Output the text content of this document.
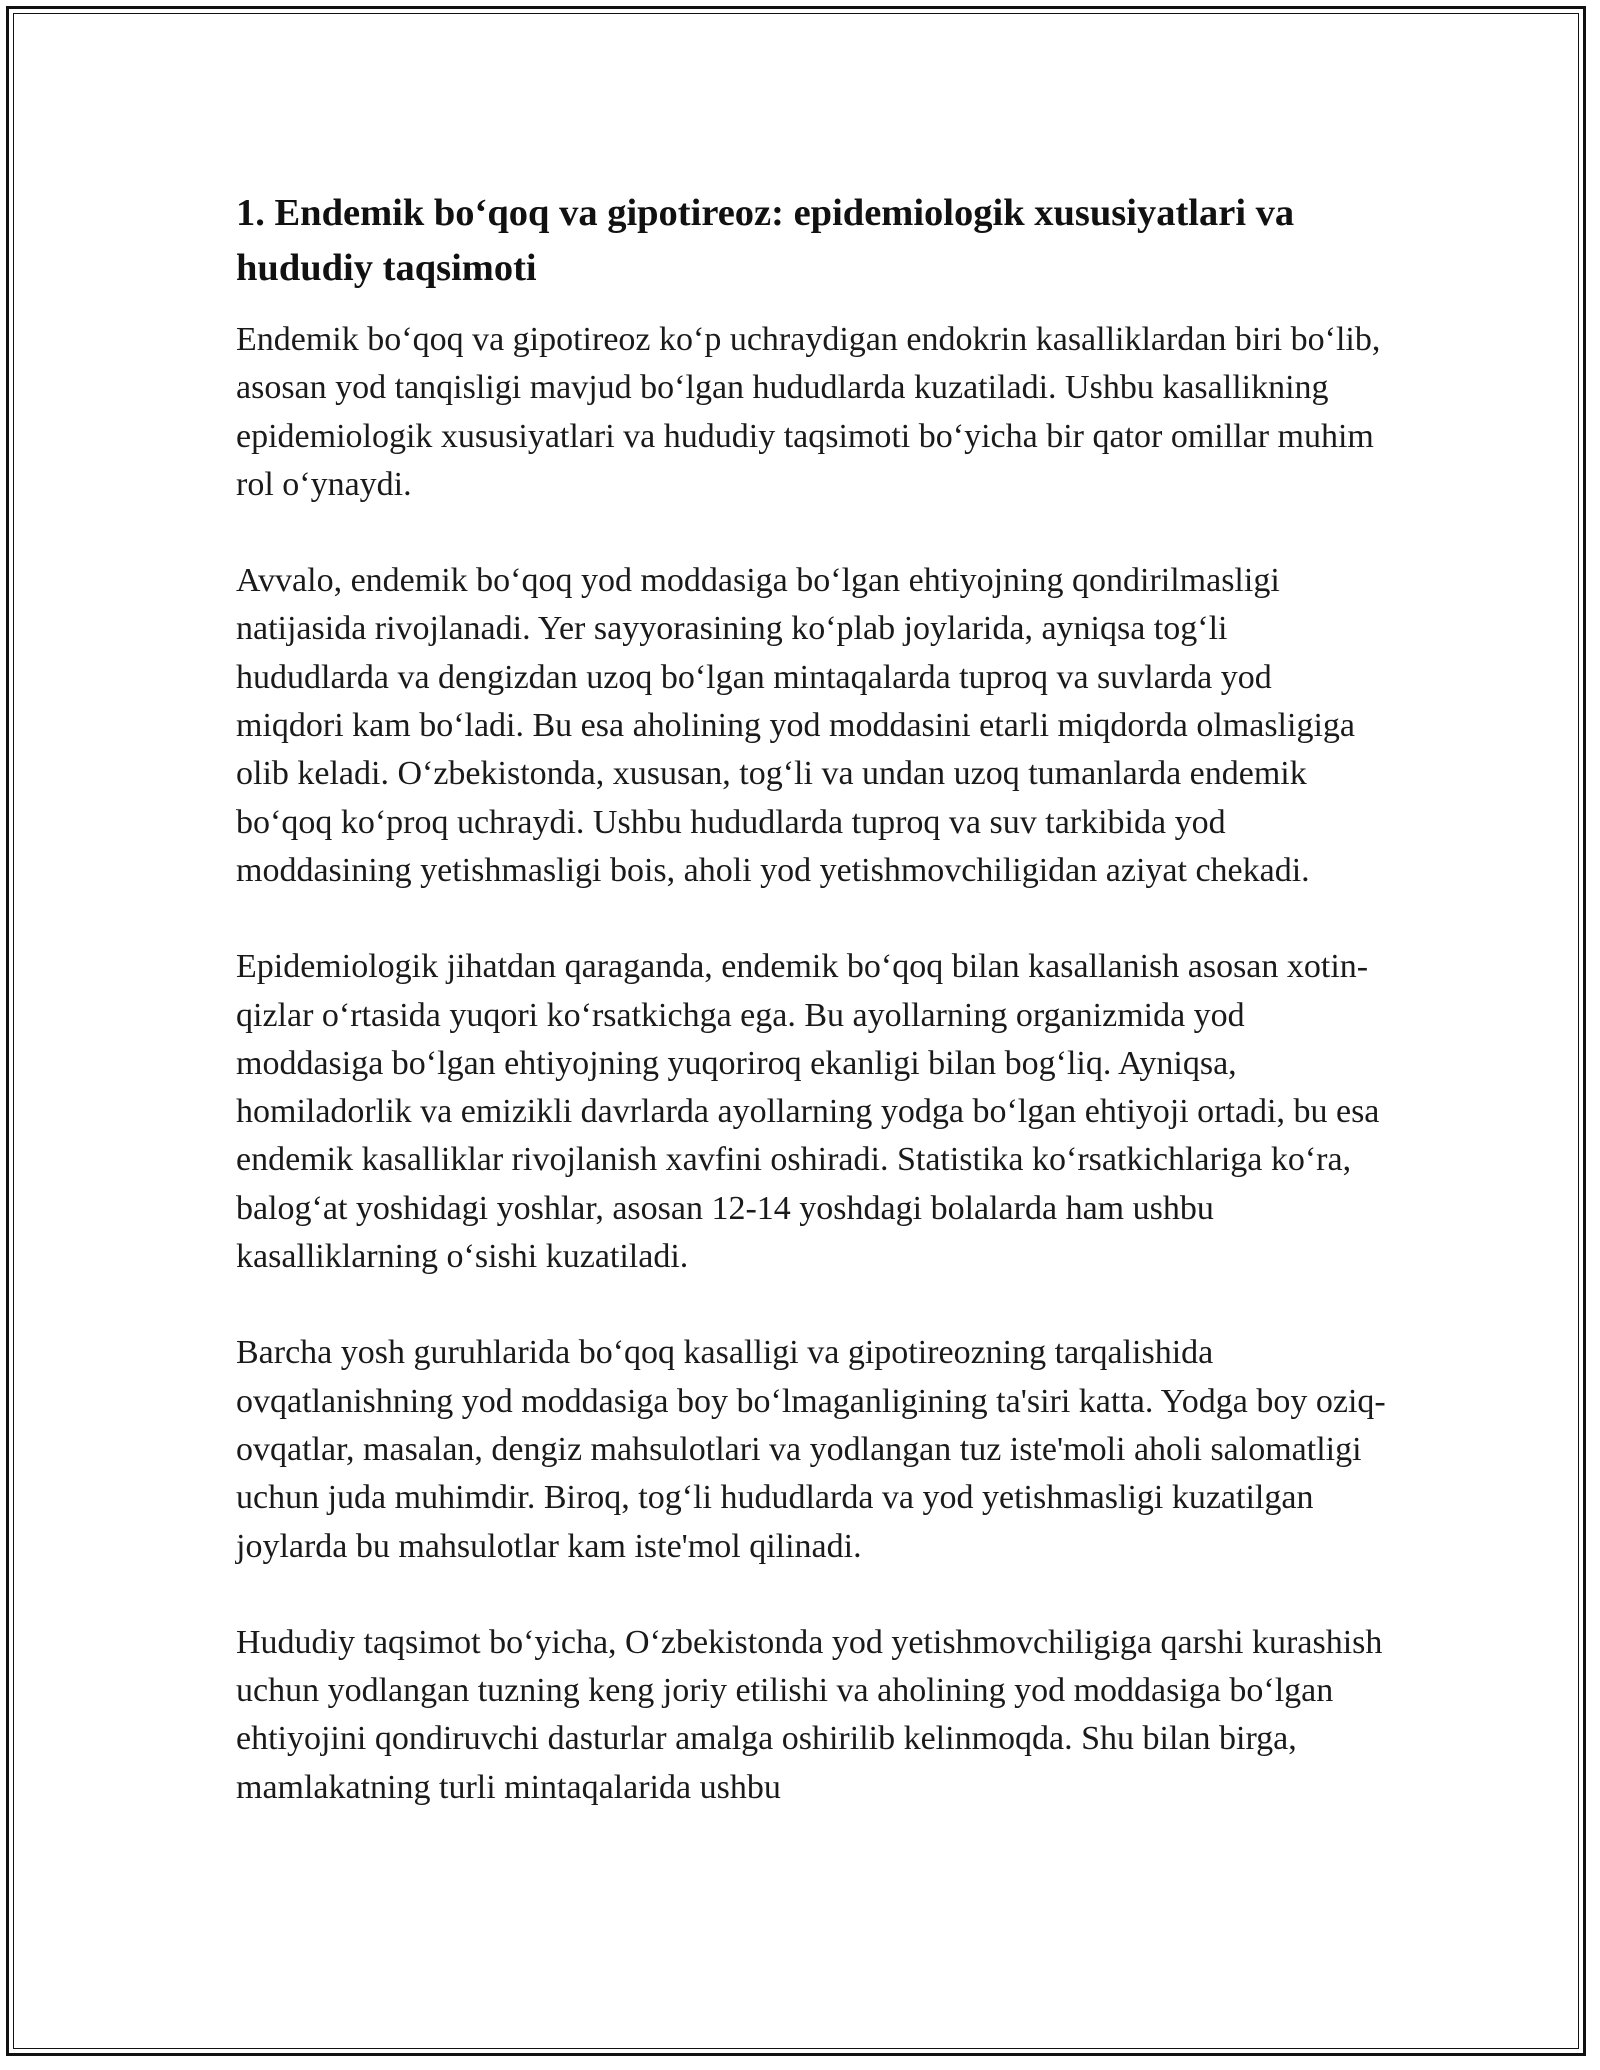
1. Endemik bo‘qoq va gipotireoz: epidemiologik xususiyatlari va hududiy taqsimoti

Endemik bo‘qoq va gipotireoz ko‘p uchraydigan endokrin kasalliklardan biri bo‘lib, asosan yod tanqisligi mavjud bo‘lgan hududlarda kuzatiladi. Ushbu kasallikning epidemiologik xususiyatlari va hududiy taqsimoti bo‘yicha bir qator omillar muhim rol o‘ynaydi.

Avvalo, endemik bo‘qoq yod moddasiga bo‘lgan ehtiyojning qondirilmasligi natijasida rivojlanadi. Yer sayyorasining ko‘plab joylarida, ayniqsa tog‘li hududlarda va dengizdan uzoq bo‘lgan mintaqalarda tuproq va suvlarda yod miqdori kam bo‘ladi. Bu esa aholining yod moddasini etarli miqdorda olmasligiga olib keladi. O‘zbekistonda, xususan, tog‘li va undan uzoq tumanlarda endemik bo‘qoq ko‘proq uchraydi. Ushbu hududlarda tuproq va suv tarkibida yod moddasining yetishmasligi bois, aholi yod yetishmovchiligidan aziyat chekadi.

Epidemiologik jihatdan qaraganda, endemik bo‘qoq bilan kasallanish asosan xotin-qizlar o‘rtasida yuqori ko‘rsatkichga ega. Bu ayollarning organizmida yod moddasiga bo‘lgan ehtiyojning yuqoriroq ekanligi bilan bog‘liq. Ayniqsa, homiladorlik va emizikli davrlarda ayollarning yodga bo‘lgan ehtiyoji ortadi, bu esa endemik kasalliklar rivojlanish xavfini oshiradi. Statistika ko‘rsatkichlariga ko‘ra, balog‘at yoshidagi yoshlar, asosan 12-14 yoshdagi bolalarda ham ushbu kasalliklarning o‘sishi kuzatiladi.

Barcha yosh guruhlarida bo‘qoq kasalligi va gipotireozning tarqalishida ovqatlanishning yod moddasiga boy bo‘lmaganligining ta'siri katta. Yodga boy oziq-ovqatlar, masalan, dengiz mahsulotlari va yodlangan tuz iste'moli aholi salomatligi uchun juda muhimdir. Biroq, tog‘li hududlarda va yod yetishmasligi kuzatilgan joylarda bu mahsulotlar kam iste'mol qilinadi.

Hududiy taqsimot bo‘yicha, O‘zbekistonda yod yetishmovchiligiga qarshi kurashish uchun yodlangan tuzning keng joriy etilishi va aholining yod moddasiga bo‘lgan ehtiyojini qondiruvchi dasturlar amalga oshirilib kelinmoqda. Shu bilan birga, mamlakatning turli mintaqalarida ushbu
